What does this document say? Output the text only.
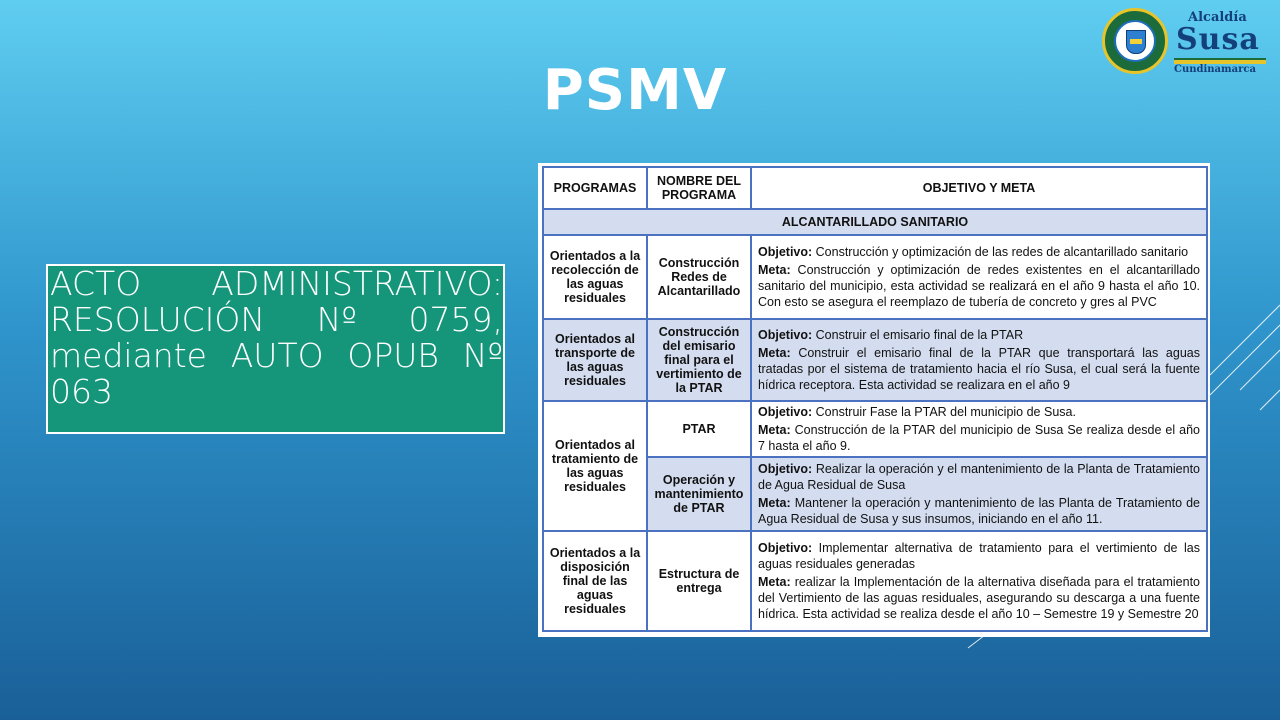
PSMV
Alcaldía
Susa
Cundinamarca
ACTO ADMINISTRATIVO: RESOLUCIÓN Nº 0759, mediante AUTO OPUB Nº 063
PROGRAMAS	NOMBRE DEL PROGRAMA	OBJETIVO Y META
ALCANTARILLADO SANITARIO		
Orientados a la recolección de las aguas residuales	Construcción Redes de Alcantarillado	Objetivo: Construcción y optimización de las redes de alcantarillado sanitario

Meta: Construcción y optimización de redes existentes en el alcantarillado sanitario del municipio, esta actividad se realizará en el año 9 hasta el año 10. Con esto se asegura el reemplazo de tubería de concreto y gres al PVC

Orientados al transporte de las aguas residuales	Construcción del emisario final para el vertimiento de la PTAR	Objetivo: Construir el emisario final de la PTAR

Meta: Construir el emisario final de la PTAR que transportará las aguas tratadas por el sistema de tratamiento hacia el río Susa, el cual será la fuente hídrica receptora. Esta actividad se realizara en el año 9

Orientados al tratamiento de las aguas residuales	PTAR	Objetivo: Construir Fase la PTAR del municipio de Susa.

Meta: Construcción de la PTAR del municipio de Susa Se realiza desde el año 7 hasta el año 9.

	Operación y mantenimiento de PTAR	Objetivo: Realizar la operación y el mantenimiento de la Planta de Tratamiento de Agua Residual de Susa

Meta: Mantener la operación y mantenimiento de las Planta de Tratamiento de Agua Residual de Susa y sus insumos, iniciando en el año 11.

Orientados a la disposición final de las aguas residuales	Estructura de entrega	Objetivo: Implementar alternativa de tratamiento para el vertimiento de las aguas residuales generadas

Meta: realizar la Implementación de la alternativa diseñada para el tratamiento del Vertimiento de las aguas residuales, asegurando su descarga a una fuente hídrica. Esta actividad se realiza desde el año 10 – Semestre 19 y Semestre 20
